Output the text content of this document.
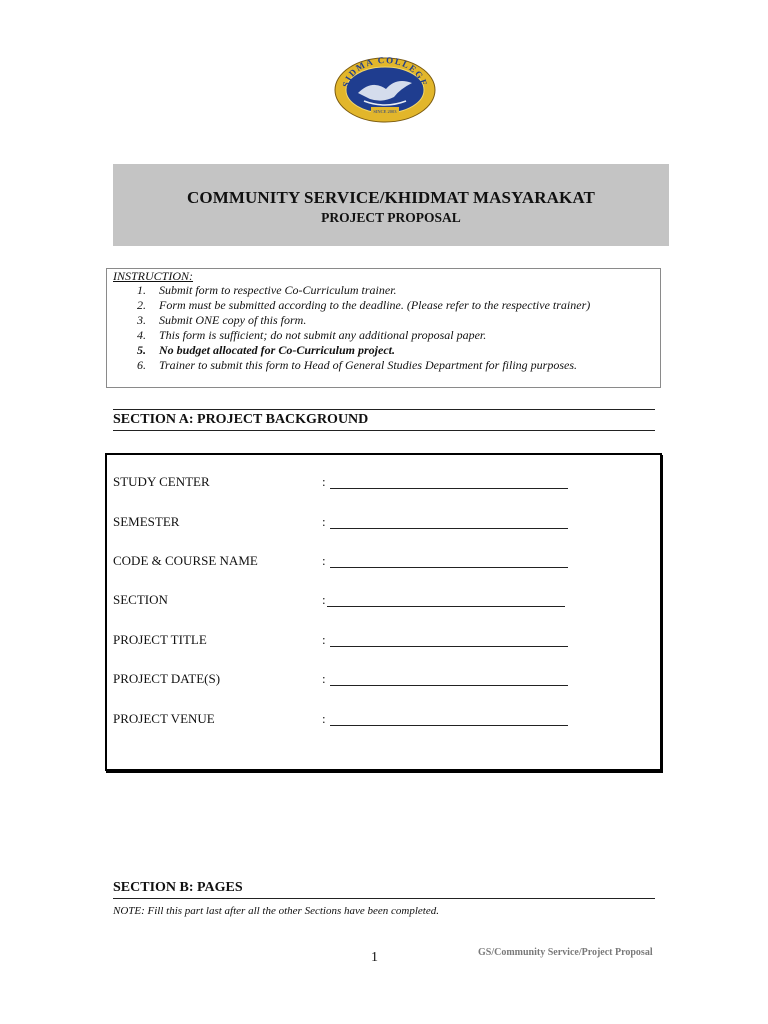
SIDMA COLLEGE
SINCE 2003
COMMUNITY SERVICE/KHIDMAT MASYARAKAT
PROJECT PROPOSAL
INSTRUCTION:
1. Submit form to respective Co-Curriculum trainer.
2. Form must be submitted according to the deadline. (Please refer to the respective trainer)
3. Submit ONE copy of this form.
4. This form is sufficient; do not submit any additional proposal paper.
5. No budget allocated for Co-Curriculum project.
6. Trainer to submit this form to Head of General Studies Department for filing purposes.
SECTION A: PROJECT BACKGROUND
STUDY CENTER	:
SEMESTER	:
CODE & COURSE NAME	:
SECTION	:
PROJECT TITLE	:
PROJECT DATE(S)	:
PROJECT VENUE	:
SECTION B: PAGES
NOTE: Fill this part last after all the other Sections have been completed.
1	GS/Community Service/Project Proposal
